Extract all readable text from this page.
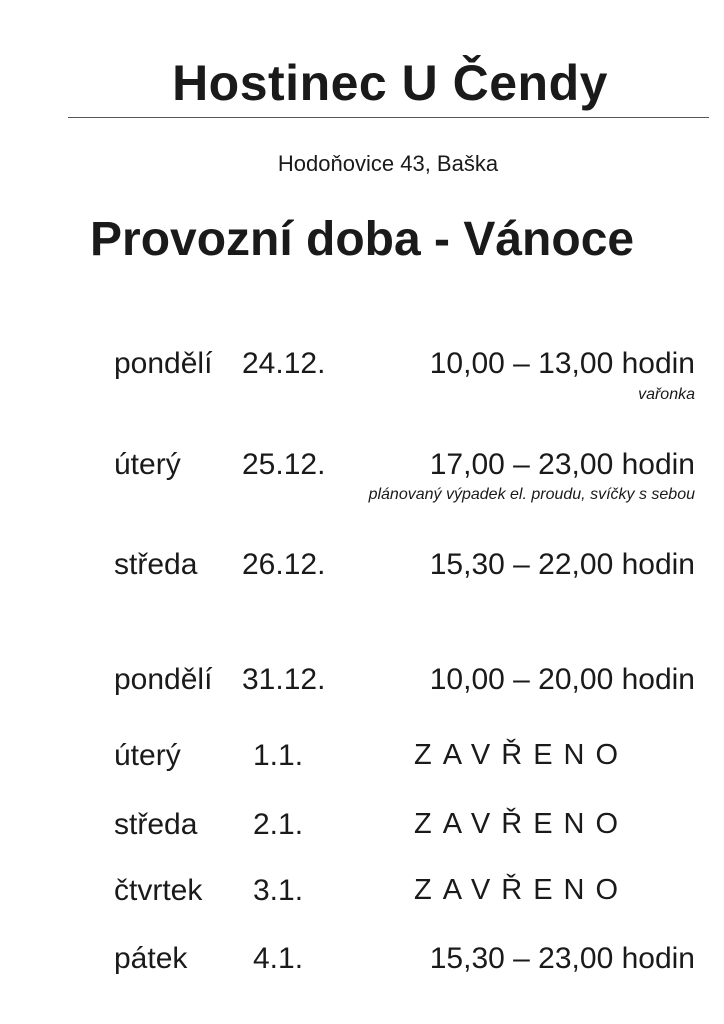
Hostinec U Čendy
Hodoňovice 43, Baška
Provozní doba - Vánoce
pondělí 24.12.	10,00 – 13,00 hodin
vařonka
úterý 25.12.	17,00 – 23,00 hodin
plánovaný výpadek el. proudu, svíčky s sebou
středa 26.12.	15,30 – 22,00 hodin
pondělí 31.12.	10,00 – 20,00 hodin
úterý 1.1.	ZAVŘENO
středa 2.1.	ZAVŘENO
čtvrtek 3.1.	ZAVŘENO
pátek 4.1.	15,30 – 23,00 hodin
